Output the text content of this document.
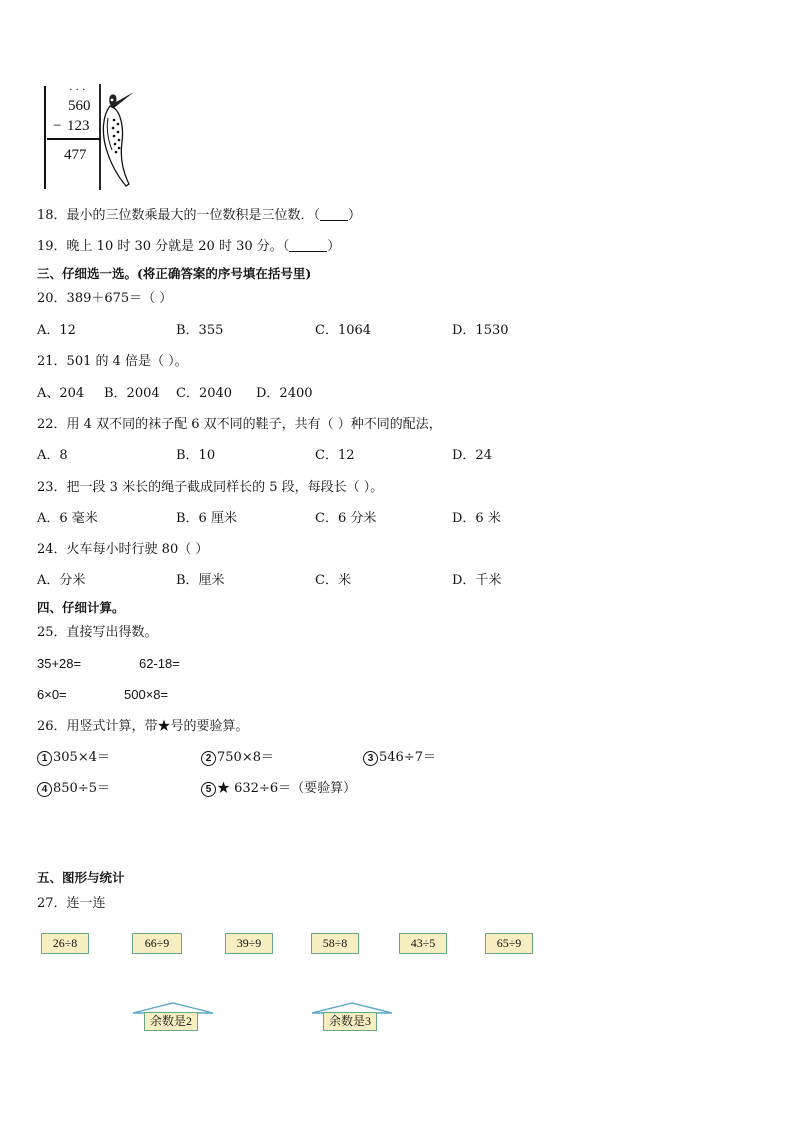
· · ·
560
− 123
477
18．最小的三位数乘最大的一位数积是三位数．（ ）
19．晚上 10 时 30 分就是 20 时 30 分。（	）
三、仔细选一选。(将正确答案的序号填在括号里)
20．389＋675＝（ ）
A．12	B．355	C．1064	D．1530
21．501 的 4 倍是（ ）。
A、204 B．2004 C．2040 D．2400
22．用 4 双不同的袜子配 6 双不同的鞋子，共有（ ）种不同的配法，
A．8	B．10	C．12	D．24
23．把一段 3 米长的绳子截成同样长的 5 段，每段长（ ）。
A．6 毫米	B．6 厘米	C．6 分米	D．6 米
24．火车每小时行驶 80（ ）
A．分米	B．厘米	C．米	D．千米
四、仔细计算。
25．直接写出得数。
35+28=	62-18=
6×0=	500×8=
26．用竖式计算，带★号的要验算。
1 305×4＝	2 750×8＝	3 546÷7＝
4 850÷5＝	5 ★ 632÷6＝（要验算）
五、图形与统计
27．连一连
26÷8	66÷9	39÷9	58÷8	43÷5	65÷9
余数是2	余数是3
